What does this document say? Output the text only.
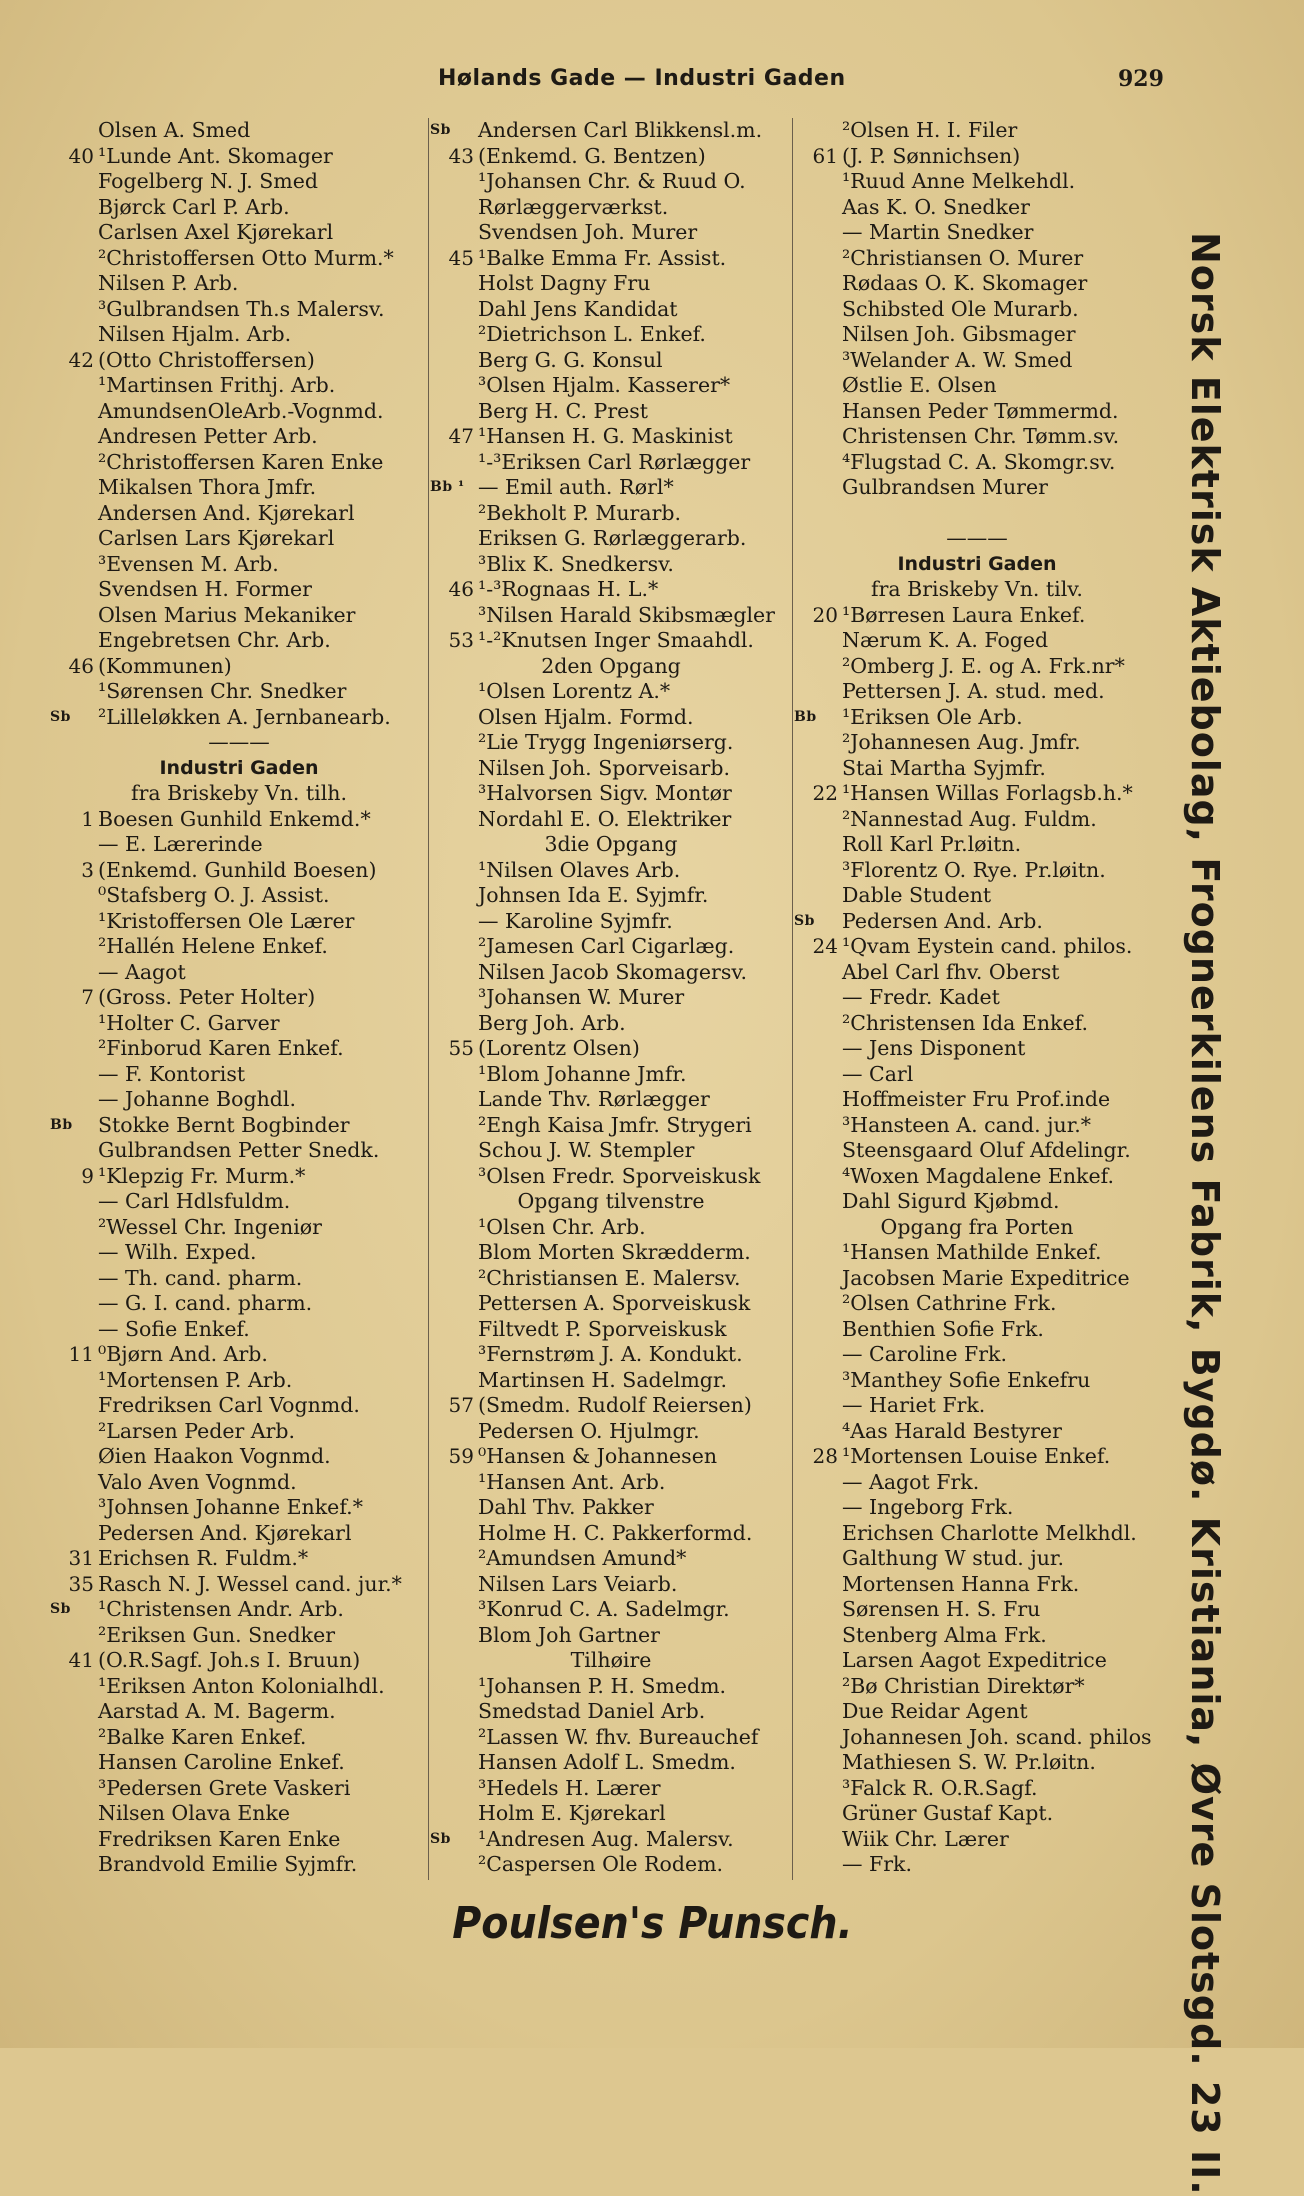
Hølands Gade — Industri Gaden	929
Olsen A. Smed
40 ¹Lunde Ant. Skomager
Fogelberg N. J. Smed
Bjørck Carl P. Arb.
Carlsen Axel Kjørekarl
²Christoffersen Otto Murm.*
Nilsen P. Arb.
³Gulbrandsen Th.s Malersv.
Nilsen Hjalm. Arb.
42 (Otto Christoffersen)
¹Martinsen Frithj. Arb.
AmundsenOleArb.-Vognmd.
Andresen Petter Arb.
²Christoffersen Karen Enke
Mikalsen Thora Jmfr.
Andersen And. Kjørekarl
Carlsen Lars Kjørekarl
³Evensen M. Arb.
Svendsen H. Former
Olsen Marius Mekaniker
Engebretsen Chr. Arb.
46 (Kommunen)
¹Sørensen Chr. Snedker
Sb	²Lilleløkken A. Jernbanearb.
———
Industri Gaden
fra Briskeby Vn. tilh.
1 Boesen Gunhild Enkemd.*
— E. Lærerinde
3 (Enkemd. Gunhild Boesen)
⁰Stafsberg O. J. Assist.
¹Kristoffersen Ole Lærer
²Hallén Helene Enkef.
— Aagot
7 (Gross. Peter Holter)
¹Holter C. Garver
²Finborud Karen Enkef.
— F. Kontorist
— Johanne Boghdl.
Bb	Stokke Bernt Bogbinder
Gulbrandsen Petter Snedk.
9 ¹Klepzig Fr. Murm.*
— Carl Hdlsfuldm.
²Wessel Chr. Ingeniør
— Wilh. Exped.
— Th. cand. pharm.
— G. I. cand. pharm.
— Sofie Enkef.
11 ⁰Bjørn And. Arb.
¹Mortensen P. Arb.
Fredriksen Carl Vognmd.
²Larsen Peder Arb.
Øien Haakon Vognmd.
Valo Aven Vognmd.
³Johnsen Johanne Enkef.*
Pedersen And. Kjørekarl
31 Erichsen R. Fuldm.*
35 Rasch N. J. Wessel cand. jur.*
Sb	¹Christensen Andr. Arb.
²Eriksen Gun. Snedker
41 (O.R.Sagf. Joh.s I. Bruun)
¹Eriksen Anton Kolonialhdl.
Aarstad A. M. Bagerm.
²Balke Karen Enkef.
Hansen Caroline Enkef.
³Pedersen Grete Vaskeri
Nilsen Olava Enke
Fredriksen Karen Enke
Brandvold Emilie Syjmfr.
Sb	Andersen Carl Blikkensl.m.
43 (Enkemd. G. Bentzen)
¹Johansen Chr. & Ruud O.
Rørlæggerværkst.
Svendsen Joh. Murer
45 ¹Balke Emma Fr. Assist.
Holst Dagny Fru
Dahl Jens Kandidat
²Dietrichson L. Enkef.
Berg G. G. Konsul
³Olsen Hjalm. Kasserer*
Berg H. C. Prest
47 ¹Hansen H. G. Maskinist
¹-³Eriksen Carl Rørlægger
Bb ¹ — Emil auth. Rørl*
²Bekholt P. Murarb.
Eriksen G. Rørlæggerarb.
³Blix K. Snedkersv.
46 ¹-³Rognaas H. L.*
³Nilsen Harald Skibsmægler
53 ¹-²Knutsen Inger Smaahdl.
2den Opgang
¹Olsen Lorentz A.*
Olsen Hjalm. Formd.
²Lie Trygg Ingeniørserg.
Nilsen Joh. Sporveisarb.
³Halvorsen Sigv. Montør
Nordahl E. O. Elektriker
3die Opgang
¹Nilsen Olaves Arb.
Johnsen Ida E. Syjmfr.
— Karoline Syjmfr.
²Jamesen Carl Cigarlæg.
Nilsen Jacob Skomagersv.
³Johansen W. Murer
Berg Joh. Arb.
55 (Lorentz Olsen)
¹Blom Johanne Jmfr.
Lande Thv. Rørlægger
²Engh Kaisa Jmfr. Strygeri
Schou J. W. Stempler
³Olsen Fredr. Sporveiskusk
Opgang tilvenstre
¹Olsen Chr. Arb.
Blom Morten Skrædderm.
²Christiansen E. Malersv.
Pettersen A. Sporveiskusk
Filtvedt P. Sporveiskusk
³Fernstrøm J. A. Kondukt.
Martinsen H. Sadelmgr.
57 (Smedm. Rudolf Reiersen)
Pedersen O. Hjulmgr.
59 ⁰Hansen & Johannesen
¹Hansen Ant. Arb.
Dahl Thv. Pakker
Holme H. C. Pakkerformd.
²Amundsen Amund*
Nilsen Lars Veiarb.
³Konrud C. A. Sadelmgr.
Blom Joh Gartner
Tilhøire
¹Johansen P. H. Smedm.
Smedstad Daniel Arb.
²Lassen W. fhv. Bureauchef
Hansen Adolf L. Smedm.
³Hedels H. Lærer
Holm E. Kjørekarl
Sb	¹Andresen Aug. Malersv.
²Caspersen Ole Rodem.
²Olsen H. I. Filer
61 (J. P. Sønnichsen)
¹Ruud Anne Melkehdl.
Aas K. O. Snedker
— Martin Snedker
²Christiansen O. Murer
Rødaas O. K. Skomager
Schibsted Ole Murarb.
Nilsen Joh. Gibsmager
³Welander A. W. Smed
Østlie E. Olsen
Hansen Peder Tømmermd.
Christensen Chr. Tømm.sv.
⁴Flugstad C. A. Skomgr.sv.
Gulbrandsen Murer
———
Industri Gaden
fra Briskeby Vn. tilv.
20 ¹Børresen Laura Enkef.
Nærum K. A. Foged
²Omberg J. E. og A. Frk.nr*
Pettersen J. A. stud. med.
Bb	¹Eriksen Ole Arb.
²Johannesen Aug. Jmfr.
Stai Martha Syjmfr.
22 ¹Hansen Willas Forlagsb.h.*
²Nannestad Aug. Fuldm.
Roll Karl Pr.løitn.
³Florentz O. Rye. Pr.løitn.
Dable Student
Sb	Pedersen And. Arb.
24 ¹Qvam Eystein cand. philos.
Abel Carl fhv. Oberst
— Fredr. Kadet
²Christensen Ida Enkef.
— Jens Disponent
— Carl
Hoffmeister Fru Prof.inde
³Hansteen A. cand. jur.*
Steensgaard Oluf Afdelingr.
⁴Woxen Magdalene Enkef.
Dahl Sigurd Kjøbmd.
Opgang fra Porten
¹Hansen Mathilde Enkef.
Jacobsen Marie Expeditrice
²Olsen Cathrine Frk.
Benthien Sofie Frk.
— Caroline Frk.
³Manthey Sofie Enkefru
— Hariet Frk.
⁴Aas Harald Bestyrer
28 ¹Mortensen Louise Enkef.
— Aagot Frk.
— Ingeborg Frk.
Erichsen Charlotte Melkhdl.
Galthung W stud. jur.
Mortensen Hanna Frk.
Sørensen H. S. Fru
Stenberg Alma Frk.
Larsen Aagot Expeditrice
²Bø Christian Direktør*
Due Reidar Agent
Johannesen Joh. scand. philos
Mathiesen S. W. Pr.løitn.
³Falck R. O.R.Sagf.
Grüner Gustaf Kapt.
Wiik Chr. Lærer
— Frk.	Norsk Elektrisk Aktiebolag, Frognerkilens Fabrik, Bygdø. Kristiania, Øvre Slotsgd. 23 II.
Poulsen's Punsch.
